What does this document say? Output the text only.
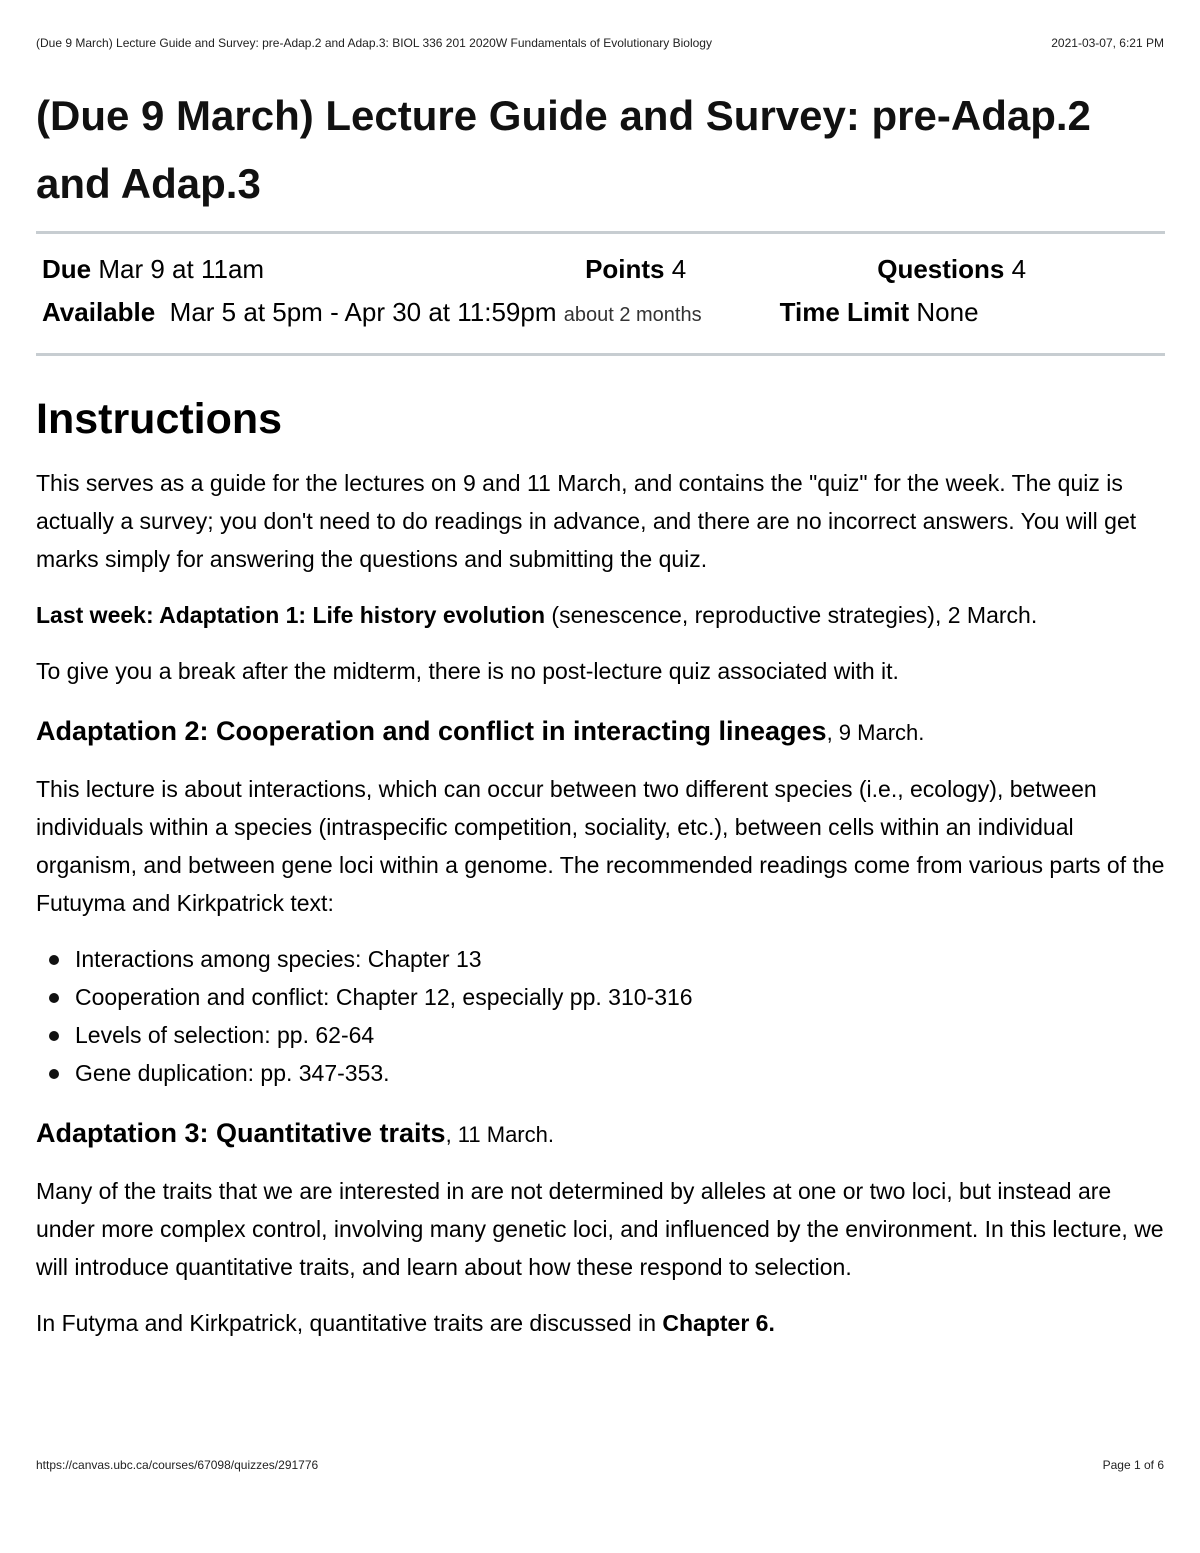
(Due 9 March) Lecture Guide and Survey: pre-Adap.2 and Adap.3: BIOL 336 201 2020W Fundamentals of Evolutionary Biology	2021-03-07, 6:21 PM
(Due 9 March) Lecture Guide and Survey: pre-Adap.2 and Adap.3
Due Mar 9 at 11am	Points 4	Questions 4
Available Mar 5 at 5pm - Apr 30 at 11:59pm about 2 months	Time Limit None
Instructions

This serves as a guide for the lectures on 9 and 11 March, and contains the "quiz" for the week. The quiz is actually a survey; you don't need to do readings in advance, and there are no incorrect answers. You will get marks simply for answering the questions and submitting the quiz.

Last week: Adaptation 1: Life history evolution (senescence, reproductive strategies), 2 March.

To give you a break after the midterm, there is no post-lecture quiz associated with it.

Adaptation 2: Cooperation and conflict in interacting lineages, 9 March.

This lecture is about interactions, which can occur between two different species (i.e., ecology), between individuals within a species (intraspecific competition, sociality, etc.), between cells within an individual organism, and between gene loci within a genome. The recommended readings come from various parts of the Futuyma and Kirkpatrick text:

Interactions among species: Chapter 13
Cooperation and conflict: Chapter 12, especially pp. 310-316
Levels of selection: pp. 62-64
Gene duplication: pp. 347-353.
Adaptation 3: Quantitative traits, 11 March.

Many of the traits that we are interested in are not determined by alleles at one or two loci, but instead are under more complex control, involving many genetic loci, and influenced by the environment. In this lecture, we will introduce quantitative traits, and learn about how these respond to selection.

In Futyma and Kirkpatrick, quantitative traits are discussed in Chapter 6.

https://canvas.ubc.ca/courses/67098/quizzes/291776	Page 1 of 6
